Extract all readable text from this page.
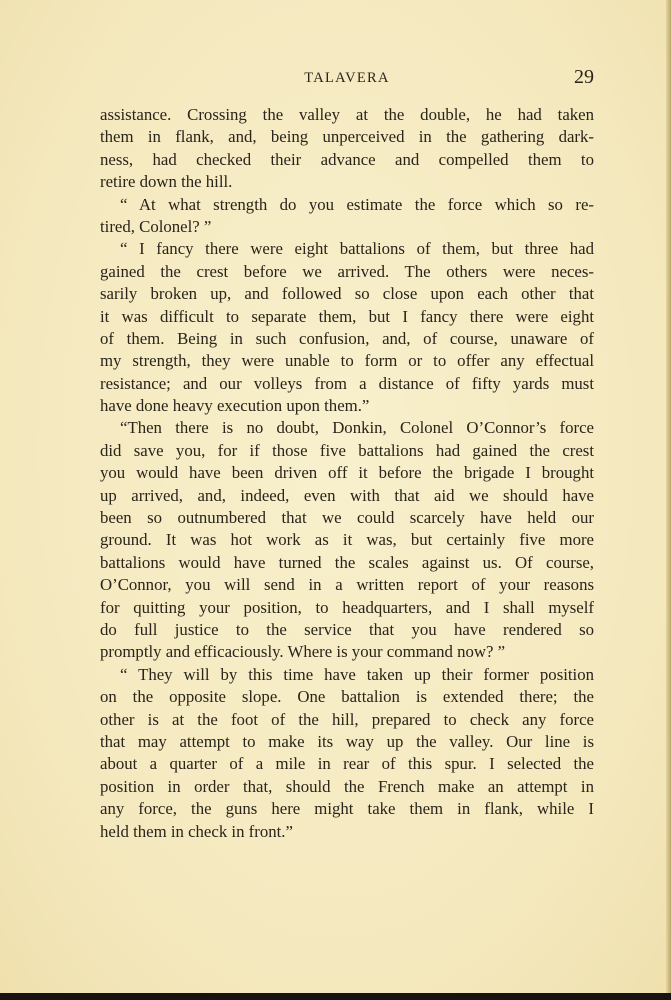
TALAVERA	29
assistance. Crossing the valley at the double, he had taken
them in flank, and, being unperceived in the gathering dark-
ness, had checked their advance and compelled them to
retire down the hill.
“ At what strength do you estimate the force which so re-
tired, Colonel? ”
“ I fancy there were eight battalions of them, but three had
gained the crest before we arrived. The others were neces-
sarily broken up, and followed so close upon each other that
it was difficult to separate them, but I fancy there were eight
of them. Being in such confusion, and, of course, unaware of
my strength, they were unable to form or to offer any effectual
resistance; and our volleys from a distance of fifty yards must
have done heavy execution upon them.”
“Then there is no doubt, Donkin, Colonel O’Connor’s force
did save you, for if those five battalions had gained the crest
you would have been driven off it before the brigade I brought
up arrived, and, indeed, even with that aid we should have
been so outnumbered that we could scarcely have held our
ground. It was hot work as it was, but certainly five more
battalions would have turned the scales against us. Of course,
O’Connor, you will send in a written report of your reasons
for quitting your position, to headquarters, and I shall myself
do full justice to the service that you have rendered so
promptly and efficaciously. Where is your command now? ”
“ They will by this time have taken up their former position
on the opposite slope. One battalion is extended there; the
other is at the foot of the hill, prepared to check any force
that may attempt to make its way up the valley. Our line is
about a quarter of a mile in rear of this spur. I selected the
position in order that, should the French make an attempt in
any force, the guns here might take them in flank, while I
held them in check in front.”
